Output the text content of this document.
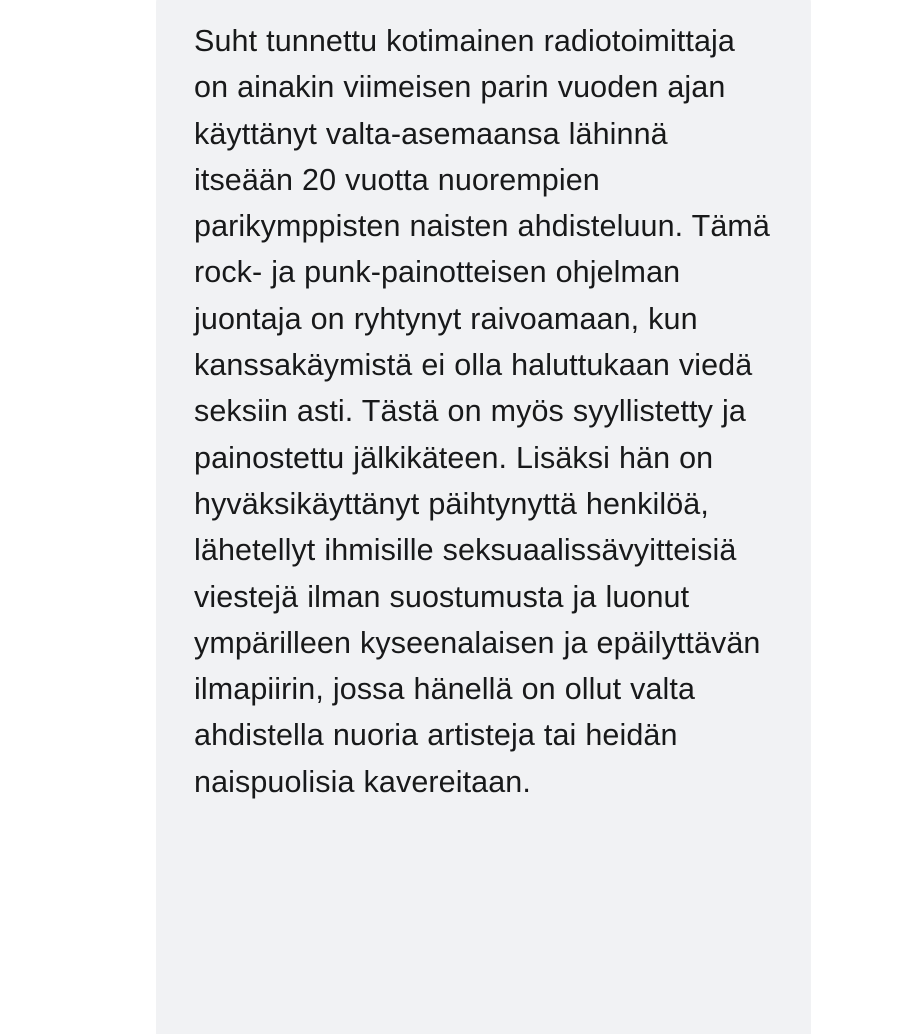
Suht tunnettu kotimainen radiotoimittaja on ainakin viimeisen parin vuoden ajan käyttänyt valta-asemaansa lähinnä itseään 20 vuotta nuorempien parikymppisten naisten ahdisteluun. Tämä rock- ja punk-painotteisen ohjelman juontaja on ryhtynyt raivoamaan, kun kanssakäymistä ei olla haluttukaan viedä seksiin asti. Tästä on myös syyllistetty ja painostettu jälkikäteen. Lisäksi hän on hyväksikäyttänyt päihtynyttä henkilöä, lähetellyt ihmisille seksuaalissävyitteisiä viestejä ilman suostumusta ja luonut ympärilleen kyseenalaisen ja epäilyttävän ilmapiirin, jossa hänellä on ollut valta ahdistella nuoria artisteja tai heidän naispuolisia kavereitaan.
